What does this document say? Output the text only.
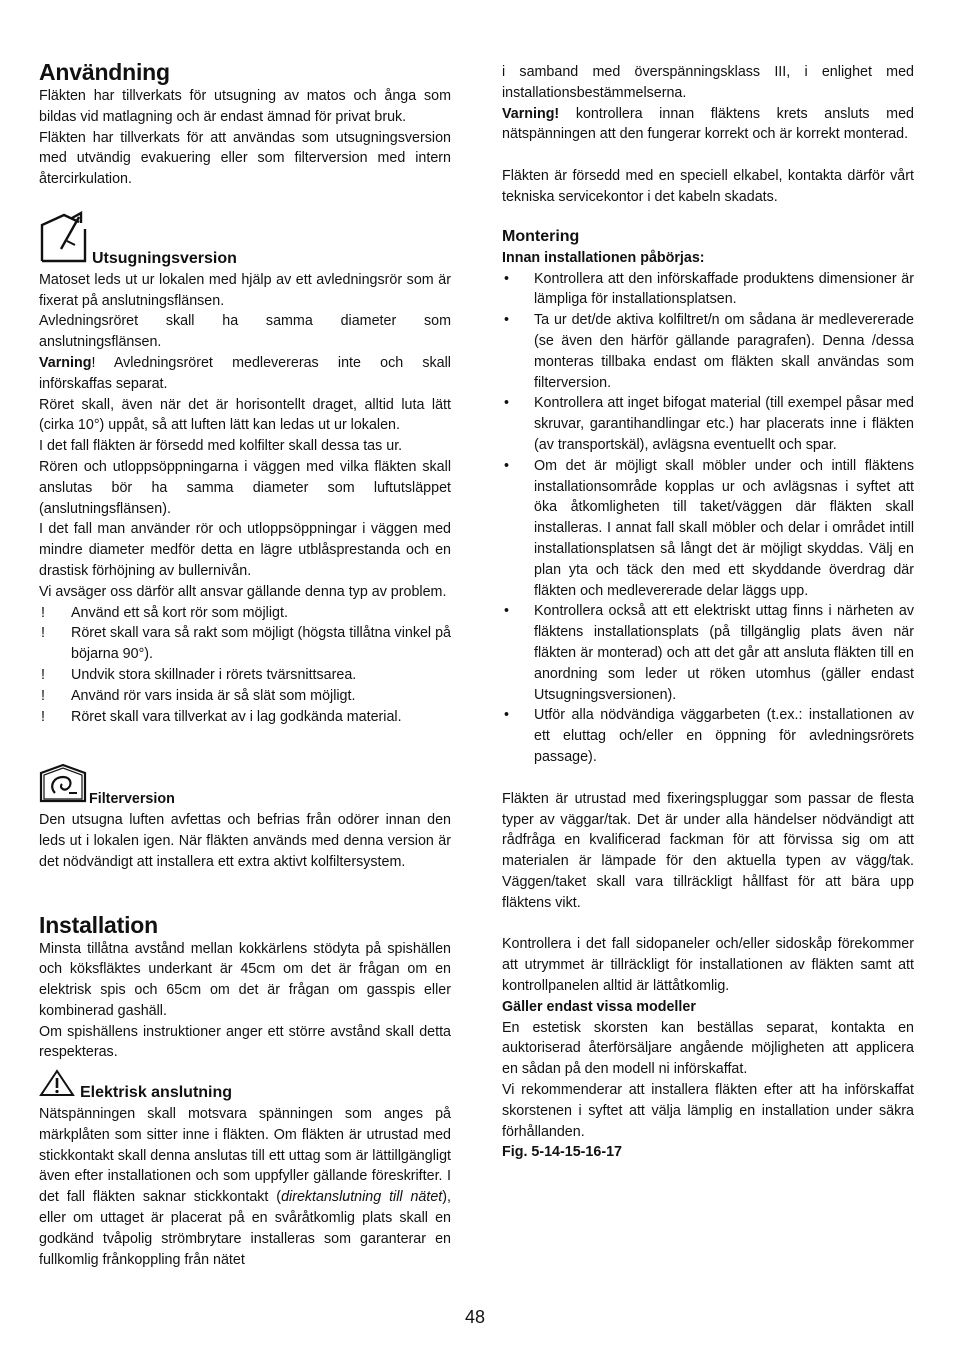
Användning

Fläkten har tillverkats för utsugning av matos och ånga som bildas vid matlagning och är endast ämnad för privat bruk.

Fläkten har tillverkats för att användas som utsugningsversion med utvändig evakuering eller som filterversion med intern återcirkulation.

Utsugningsversion

Matoset leds ut ur lokalen med hjälp av ett avledningsrör som är fixerat på anslutningsflänsen.

Avledningsröret skall ha samma diameter som anslutningsflänsen.

Varning! Avledningsröret medlevereras inte och skall införskaffas separat.

Röret skall, även när det är horisontellt draget, alltid luta lätt (cirka 10°) uppåt, så att luften lätt kan ledas ut ur lokalen.

I det fall fläkten är försedd med kolfilter skall dessa tas ur.

Rören och utloppsöppningarna i väggen med vilka fläkten skall anslutas bör ha samma diameter som luftutsläppet (anslutningsflänsen).

I det fall man använder rör och utloppsöppningar i väggen med mindre diameter medför detta en lägre utblåsprestanda och en drastisk förhöjning av bullernivån.

Vi avsäger oss därför allt ansvar gällande denna typ av problem.

! Använd ett så kort rör som möjligt.
! Röret skall vara så rakt som möjligt (högsta tillåtna vinkel på böjarna 90°).
! Undvik stora skillnader i rörets tvärsnittsarea.
! Använd rör vars insida är så slät som möjligt.
! Röret skall vara tillverkat av i lag godkända material.
Filterversion

Den utsugna luften avfettas och befrias från odörer innan den leds ut i lokalen igen. När fläkten används med denna version är det nödvändigt att installera ett extra aktivt kolfiltersystem.

Installation

Minsta tillåtna avstånd mellan kokkärlens stödyta på spishällen och köksfläktes underkant är 45cm om det är frågan om en elektrisk spis och 65cm om det är frågan om gasspis eller kombinerad gashäll.

Om spishällens instruktioner anger ett större avstånd skall detta respekteras.

Elektrisk anslutning

Nätspänningen skall motsvara spänningen som anges på märkplåten som sitter inne i fläkten. Om fläkten är utrustad med stickkontakt skall denna anslutas till ett uttag som är lättillgängligt även efter installationen och som uppfyller gällande föreskrifter. I det fall fläkten saknar stickkontakt (direktanslutning till nätet), eller om uttaget är placerat på en svåråtkomlig plats skall en godkänd tvåpolig strömbrytare installeras som garanterar en fullkomlig frånkoppling från nätet

i samband med överspänningsklass III, i enlighet med installationsbestämmelserna.

Varning! kontrollera innan fläktens krets ansluts med nätspänningen att den fungerar korrekt och är korrekt monterad.

Fläkten är försedd med en speciell elkabel, kontakta därför vårt tekniska servicekontor i det kabeln skadats.

Montering
Innan installationen påbörjas:
• Kontrollera att den införskaffade produktens dimensioner är lämpliga för installationsplatsen.
• Ta ur det/de aktiva kolfiltret/n om sådana är medlevererade (se även den härför gällande paragrafen). Denna /dessa monteras tillbaka endast om fläkten skall användas som filterversion.
• Kontrollera att inget bifogat material (till exempel påsar med skruvar, garantihandlingar etc.) har placerats inne i fläkten (av transportskäl), avlägsna eventuellt och spar.
• Om det är möjligt skall möbler under och intill fläktens installationsområde kopplas ur och avlägsnas i syftet att öka åtkomligheten till taket/väggen där fläkten skall installeras. I annat fall skall möbler och delar i området intill installationsplatsen så långt det är möjligt skyddas. Välj en plan yta och täck den med ett skyddande överdrag där fläkten och medlevererade delar läggs upp.
• Kontrollera också att ett elektriskt uttag finns i närheten av fläktens installationsplats (på tillgänglig plats även när fläkten är monterad) och att det går att ansluta fläkten till en anordning som leder ut röken utomhus (gäller endast Utsugningsversionen).
• Utför alla nödvändiga väggarbeten (t.ex.: installationen av ett eluttag och/eller en öppning för avledningsrörets passage).

Fläkten är utrustad med fixeringspluggar som passar de flesta typer av väggar/tak. Det är under alla händelser nödvändigt att rådfråga en kvalificerad fackman för att förvissa sig om att materialen är lämpade för den aktuella typen av vägg/tak. Väggen/taket skall vara tillräckligt hållfast för att bära upp fläktens vikt.

Kontrollera i det fall sidopaneler och/eller sidoskåp förekommer att utrymmet är tillräckligt för installationen av fläkten samt att kontrollpanelen alltid är lättåtkomlig.

Gäller endast vissa modeller

En estetisk skorsten kan beställas separat, kontakta en auktoriserad återförsäljare angående möjligheten att applicera en sådan på den modell ni införskaffat.

Vi rekommenderar att installera fläkten efter att ha införskaffat skorstenen i syftet att välja lämplig en installation under säkra förhållanden.

Fig. 5-14-15-16-17
48
